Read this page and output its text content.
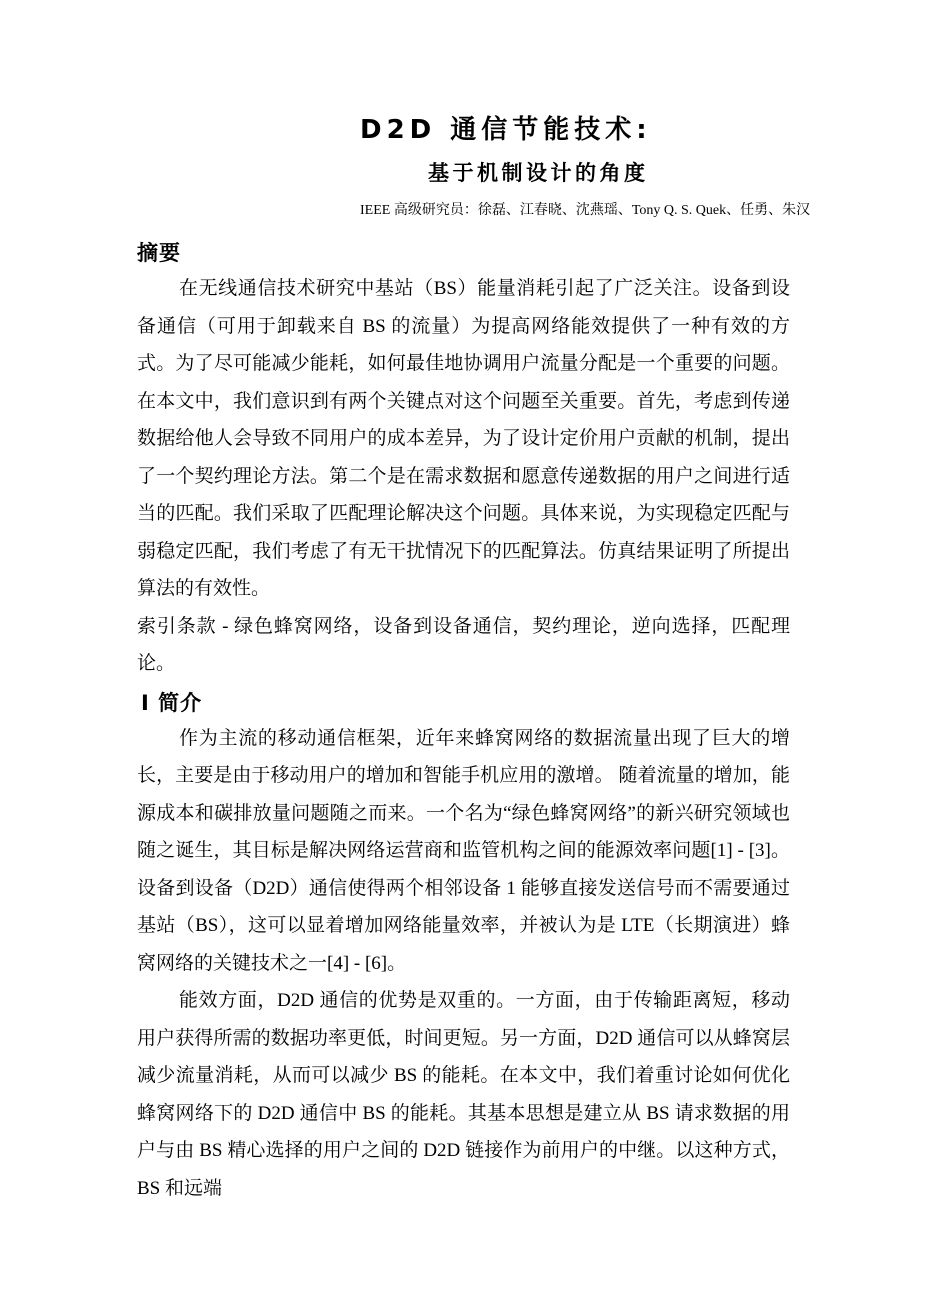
D2D 通信节能技术:
基于机制设计的角度
IEEE 高级研究员：徐磊、江春晓、沈燕瑶、Tony Q. S. Quek、任勇、朱汉
摘要

在无线通信技术研究中基站（BS）能量消耗引起了广泛关注。设备到设备通信（可用于卸载来自 BS 的流量）为提高网络能效提供了一种有效的方式。为了尽可能减少能耗，如何最佳地协调用户流量分配是一个重要的问题。在本文中，我们意识到有两个关键点对这个问题至关重要。首先，考虑到传递数据给他人会导致不同用户的成本差异，为了设计定价用户贡献的机制，提出了一个契约理论方法。第二个是在需求数据和愿意传递数据的用户之间进行适当的匹配。我们采取了匹配理论解决这个问题。具体来说，为实现稳定匹配与弱稳定匹配，我们考虑了有无干扰情况下的匹配算法。仿真结果证明了所提出算法的有效性。

索引条款 - 绿色蜂窝网络，设备到设备通信，契约理论，逆向选择，匹配理论。

I 简介

作为主流的移动通信框架，近年来蜂窝网络的数据流量出现了巨大的增长，主要是由于移动用户的增加和智能手机应用的激增。 随着流量的增加，能源成本和碳排放量问题随之而来。一个名为“绿色蜂窝网络”的新兴研究领域也随之诞生，其目标是解决网络运营商和监管机构之间的能源效率问题[1] - [3]。 设备到设备（D2D）通信使得两个相邻设备 1 能够直接发送信号而不需要通过基站（BS），这可以显着增加网络能量效率，并被认为是 LTE（长期演进）蜂窝网络的关键技术之一[4] - [6]。

能效方面，D2D 通信的优势是双重的。一方面，由于传输距离短，移动用户获得所需的数据功率更低，时间更短。另一方面，D2D 通信可以从蜂窝层减少流量消耗，从而可以减少 BS 的能耗。在本文中，我们着重讨论如何优化蜂窝网络下的 D2D 通信中 BS 的能耗。其基本思想是建立从 BS 请求数据的用户与由 BS 精心选择的用户之间的 D2D 链接作为前用户的中继。以这种方式，BS 和远端
